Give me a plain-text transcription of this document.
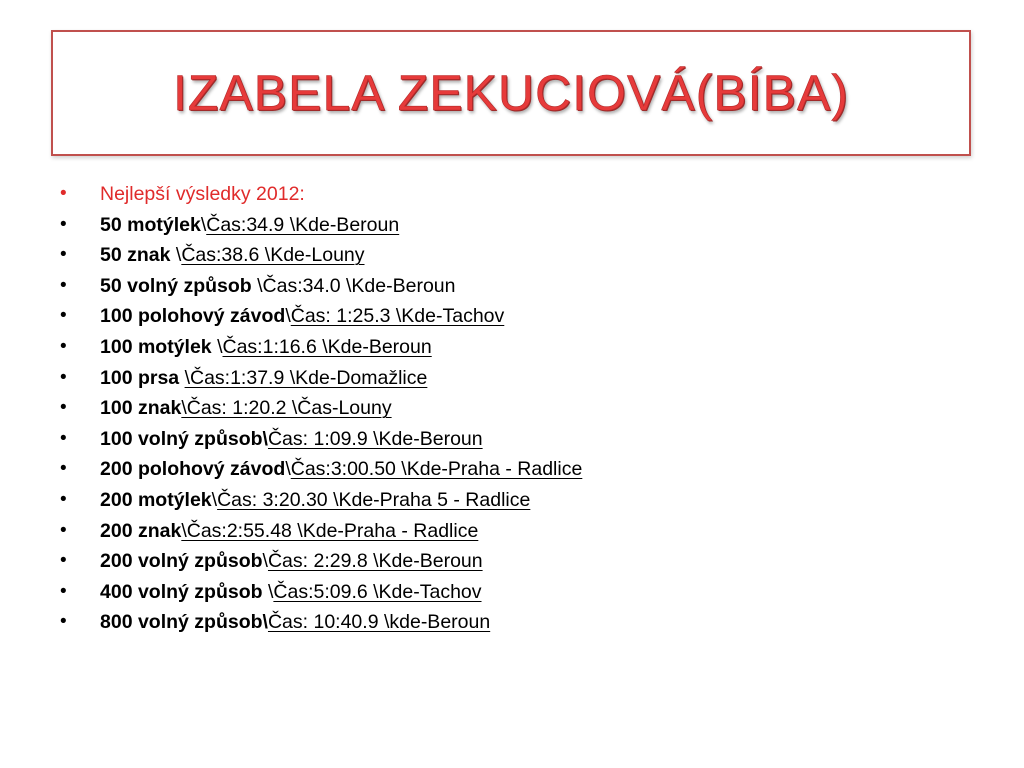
IZABELA ZEKUCIOVÁ(BÍBA)
• Nejlepší výsledky 2012:
• 50 motýlek\Čas:34.9 \Kde-Beroun
• 50 znak \Čas:38.6 \Kde-Louny
• 50 volný způsob \Čas:34.0 \Kde-Beroun
• 100 polohový závod\Čas: 1:25.3 \Kde-Tachov
• 100 motýlek \Čas:1:16.6 \Kde-Beroun
• 100 prsa \Čas:1:37.9 \Kde-Domažlice
• 100 znak\Čas: 1:20.2 \Čas-Louny
• 100 volný způsob\Čas: 1:09.9 \Kde-Beroun
• 200 polohový závod\Čas:3:00.50 \Kde-Praha - Radlice
• 200 motýlek\Čas: 3:20.30 \Kde-Praha 5 - Radlice
• 200 znak\Čas:2:55.48 \Kde-Praha - Radlice
• 200 volný způsob\Čas: 2:29.8 \Kde-Beroun
• 400 volný způsob \Čas:5:09.6 \Kde-Tachov
• 800 volný způsob\Čas: 10:40.9 \kde-Beroun
